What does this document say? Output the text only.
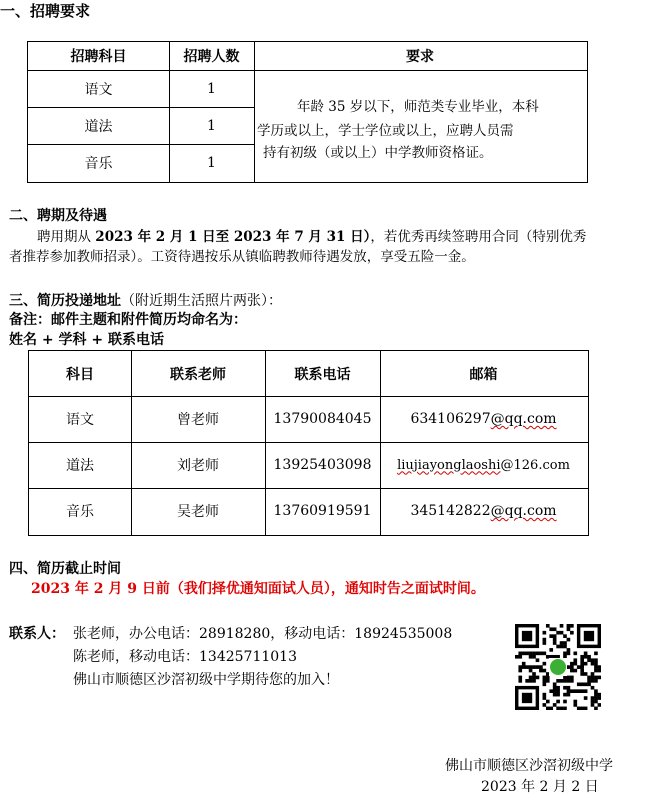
一、招聘要求
招聘科目	招聘人数	要求
语文	1
道法	1
音乐	1
年龄 35 岁以下，师范类专业毕业，本科
学历或以上，学士学位或以上，应聘人员需
持有初级（或以上）中学教师资格证。
二、聘期及待遇
聘用期从 2023 年 2 月 1 日至 2023 年 7 月 31 日），若优秀再续签聘用合同（特别优秀
者推荐参加教师招录）。工资待遇按乐从镇临聘教师待遇发放，享受五险一金。
三、简历投递地址（附近期生活照片两张）：
备注：邮件主题和附件简历均命名为：
姓名 + 学科 + 联系电话
科目	联系老师	联系电话	邮箱
语文	曾老师	13790084045	634106297 @qq.com
道法	刘老师	13925403098	liujiayonglaoshi @126.com
音乐	吴老师	13760919591	345142822 @qq.com
四、简历截止时间
2023 年 2 月 9 日前（我们择优通知面试人员），通知时告之面试时间。
联系人： 张老师，办公电话：28918280，移动电话：18924535008
陈老师，移动电话：13425711013
佛山市顺德区沙滘初级中学期待您的加入！
佛山市顺德区沙滘初级中学
2023 年 2 月 2 日
